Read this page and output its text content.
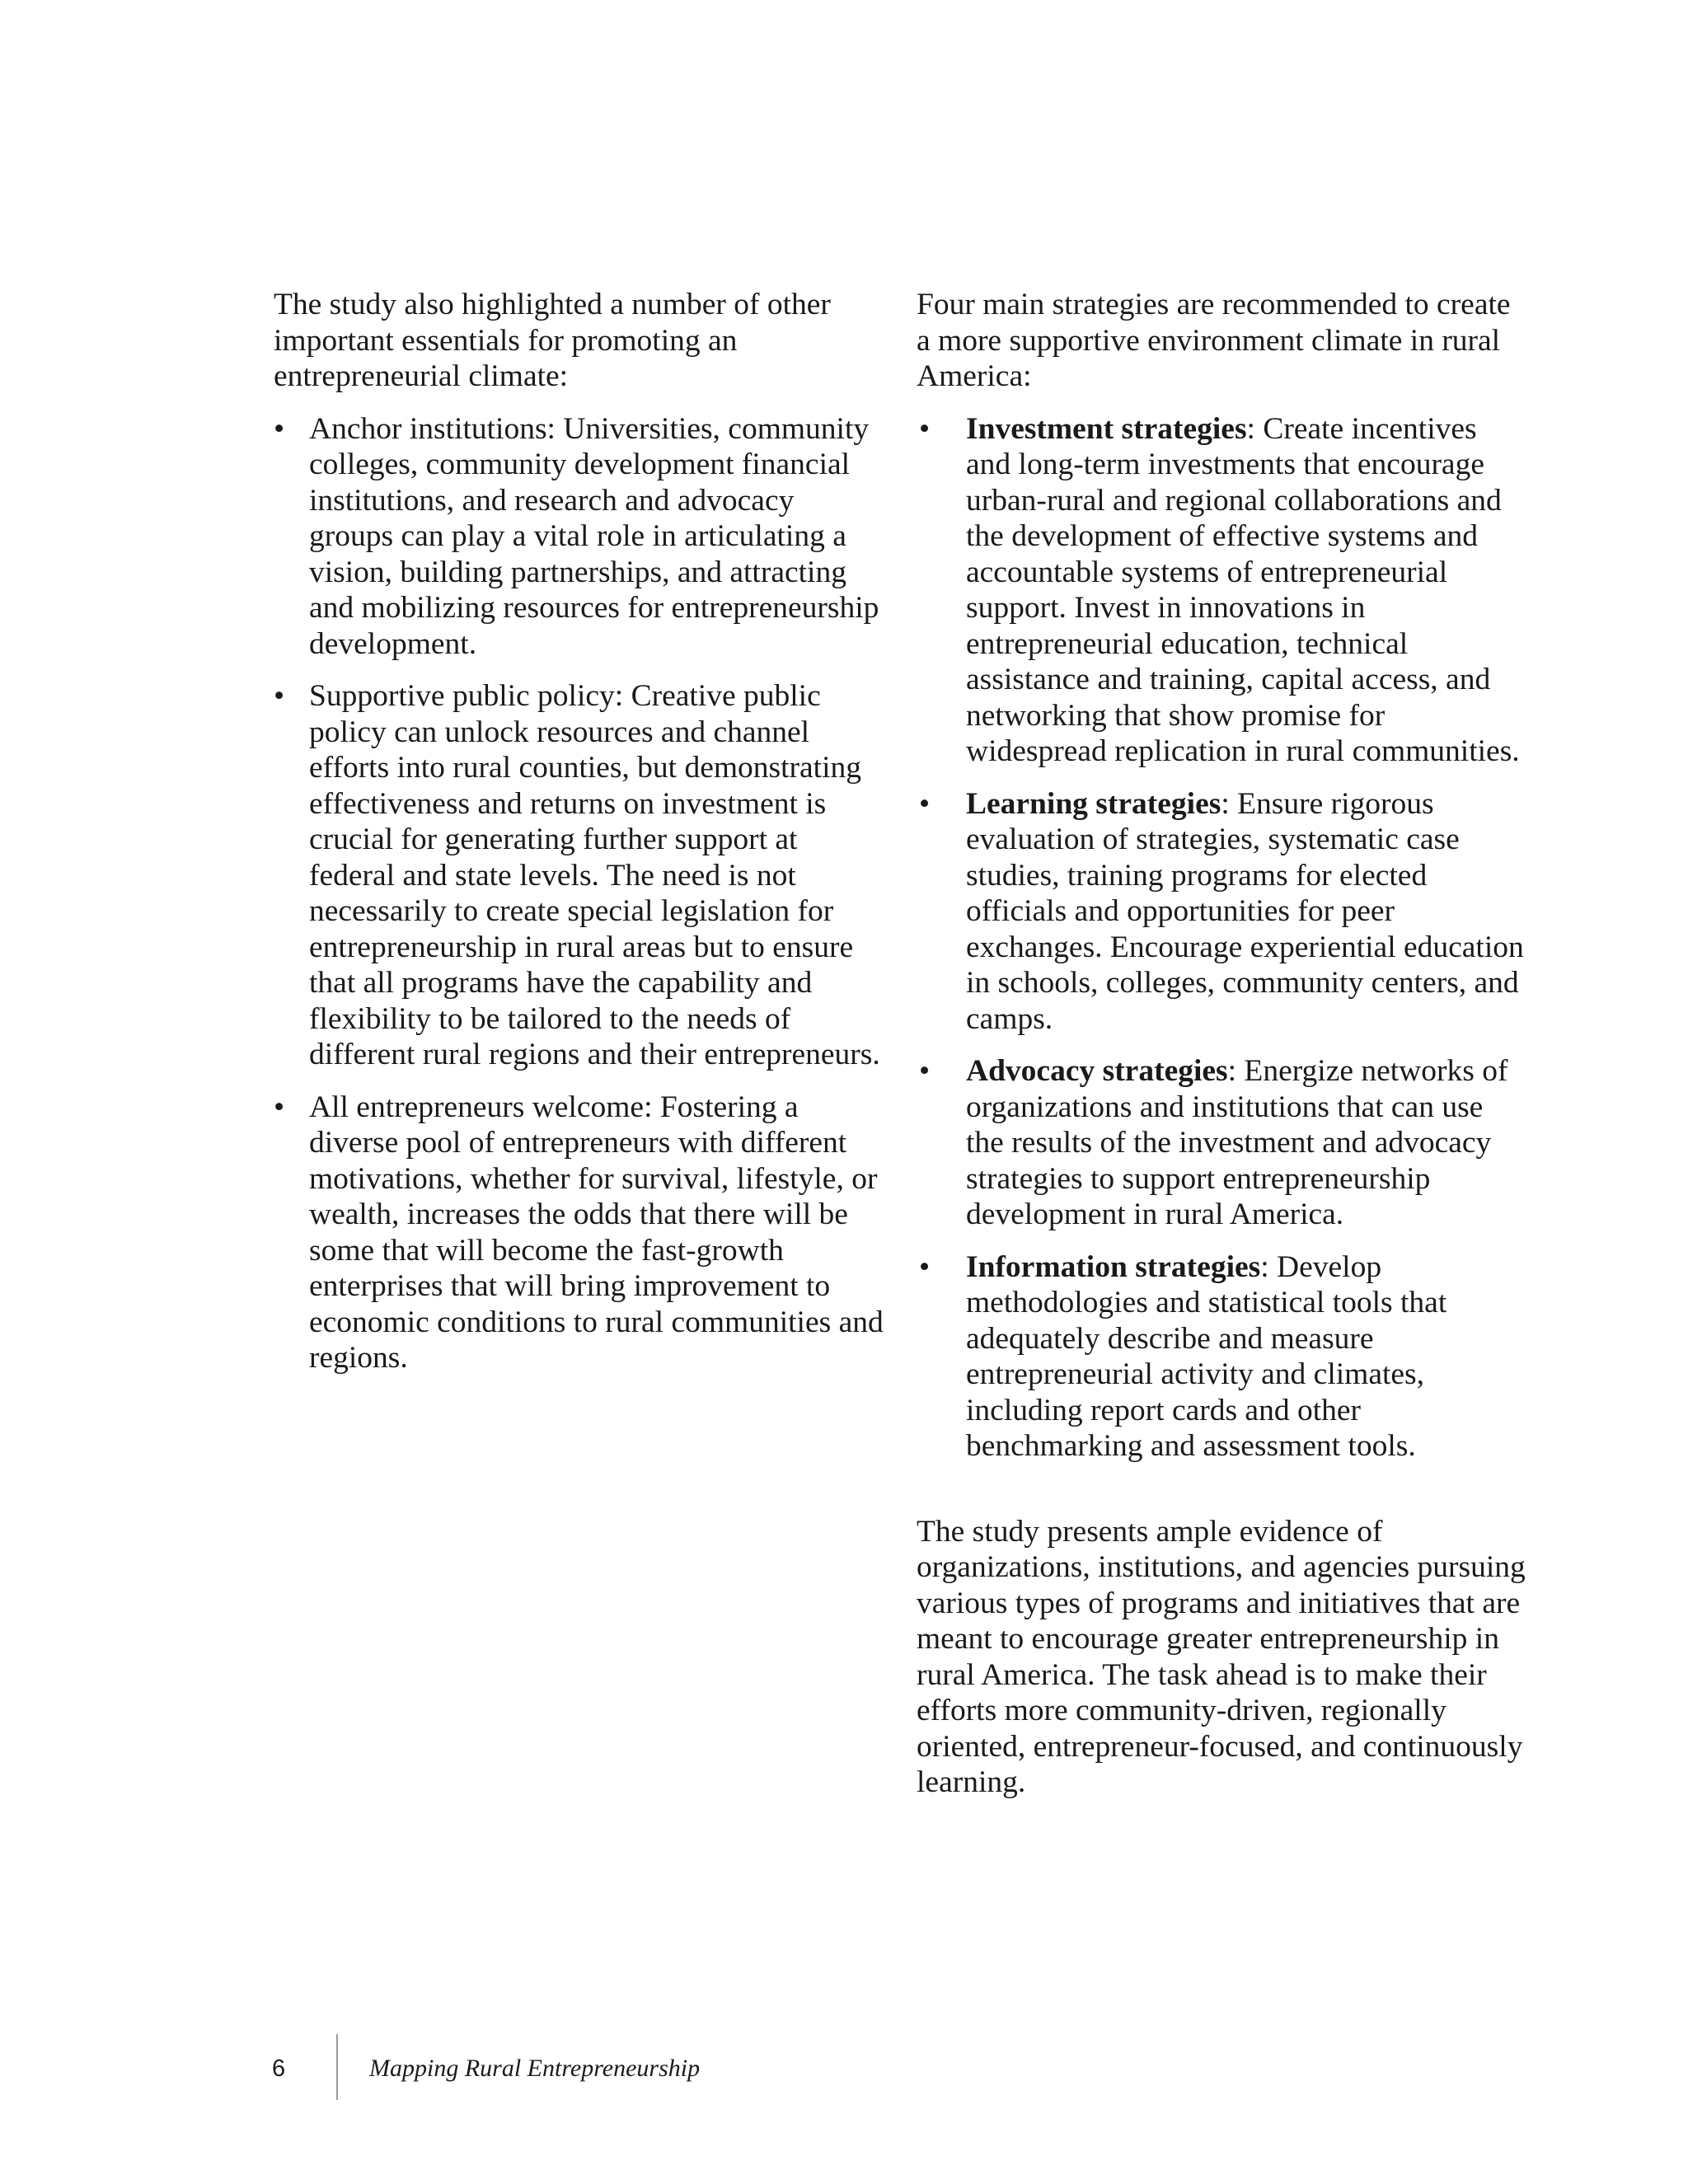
The study also highlighted a number of other important essentials for promoting an entrepreneurial climate:

• Anchor institutions: Universities, community colleges, community development financial institutions, and research and advocacy groups can play a vital role in articulating a vision, building partnerships, and attracting and mobilizing resources for entrepreneurship development.
• Supportive public policy: Creative public policy can unlock resources and channel efforts into rural counties, but demonstrating effectiveness and returns on investment is crucial for generating further support at federal and state levels. The need is not necessarily to create special legislation for entrepreneurship in rural areas but to ensure that all programs have the capability and flexibility to be tailored to the needs of different rural regions and their entrepreneurs.
• All entrepreneurs welcome: Fostering a diverse pool of entrepreneurs with different motivations, whether for survival, lifestyle, or wealth, increases the odds that there will be some that will become the fast-growth enterprises that will bring improvement to economic conditions to rural communities and regions.

Four main strategies are recommended to create a more supportive environment climate in rural America:

• Investment strategies: Create incentives and long-term investments that encourage urban-rural and regional collaborations and the development of effective systems and accountable systems of entrepreneurial support. Invest in innovations in entrepreneurial education, technical assistance and training, capital access, and networking that show promise for widespread replication in rural communities.
• Learning strategies: Ensure rigorous evaluation of strategies, systematic case studies, training programs for elected officials and opportunities for peer exchanges. Encourage experiential education in schools, colleges, community centers, and camps.
• Advocacy strategies: Energize networks of organizations and institutions that can use the results of the investment and advocacy strategies to support entrepreneurship development in rural America.
• Information strategies: Develop methodologies and statistical tools that adequately describe and measure entrepreneurial activity and climates, including report cards and other benchmarking and assessment tools.

The study presents ample evidence of organizations, institutions, and agencies pursuing various types of programs and initiatives that are meant to encourage greater entrepreneurship in rural America. The task ahead is to make their efforts more community-driven, regionally oriented, entrepreneur-focused, and continuously learning.

6	Mapping Rural Entrepreneurship
